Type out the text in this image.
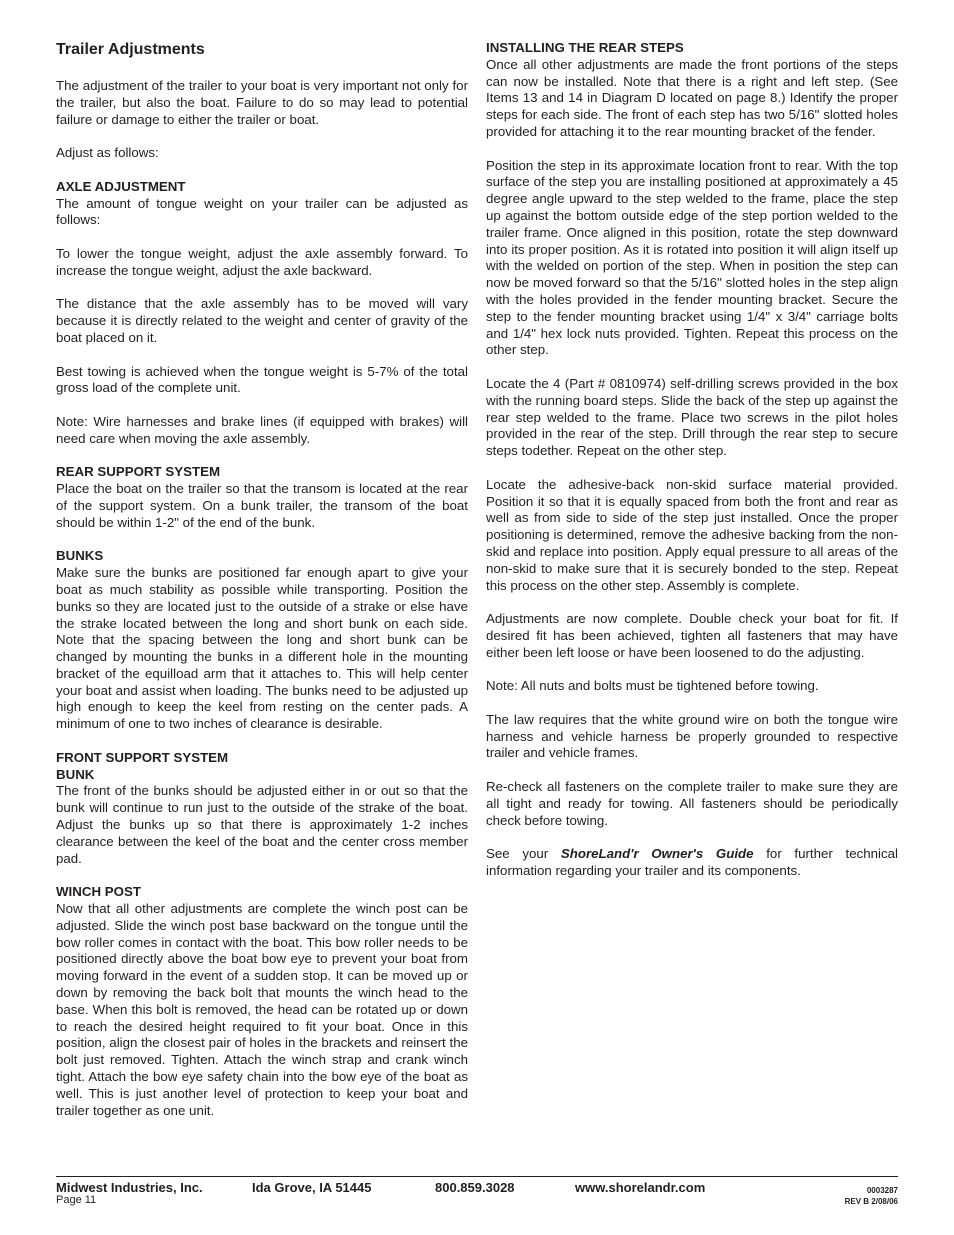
Trailer Adjustments

The adjustment of the trailer to your boat is very important not only for the trailer, but also the boat. Failure to do so may lead to potential failure or damage to either the trailer or boat.

Adjust as follows:

AXLE ADJUSTMENT

The amount of tongue weight on your trailer can be adjusted as follows:

To lower the tongue weight, adjust the axle assembly forward. To increase the tongue weight, adjust the axle backward.

The distance that the axle assembly has to be moved will vary because it is directly related to the weight and center of gravity of the boat placed on it.

Best towing is achieved when the tongue weight is 5-7% of the total gross load of the complete unit.

Note: Wire harnesses and brake lines (if equipped with brakes) will need care when moving the axle assembly.

REAR SUPPORT SYSTEM

Place the boat on the trailer so that the transom is located at the rear of the support system. On a bunk trailer, the transom of the boat should be within 1-2" of the end of the bunk.

BUNKS

Make sure the bunks are positioned far enough apart to give your boat as much stability as possible while transporting. Position the bunks so they are located just to the outside of a strake or else have the strake located between the long and short bunk on each side. Note that the spacing between the long and short bunk can be changed by mounting the bunks in a different hole in the mounting bracket of the equilload arm that it attaches to. This will help center your boat and assist when loading. The bunks need to be adjusted up high enough to keep the keel from resting on the center pads. A minimum of one to two inches of clearance is desirable.

FRONT SUPPORT SYSTEM
BUNK

The front of the bunks should be adjusted either in or out so that the bunk will continue to run just to the outside of the strake of the boat. Adjust the bunks up so that there is approximately 1-2 inches clearance between the keel of the boat and the center cross member pad.

WINCH POST

Now that all other adjustments are complete the winch post can be adjusted. Slide the winch post base backward on the tongue until the bow roller comes in contact with the boat. This bow roller needs to be positioned directly above the boat bow eye to prevent your boat from moving forward in the event of a sudden stop. It can be moved up or down by removing the back bolt that mounts the winch head to the base. When this bolt is removed, the head can be rotated up or down to reach the desired height required to fit your boat. Once in this position, align the closest pair of holes in the brackets and reinsert the bolt just removed. Tighten. Attach the winch strap and crank winch tight. Attach the bow eye safety chain into the bow eye of the boat as well. This is just another level of protection to keep your boat and trailer together as one unit.

INSTALLING THE REAR STEPS

Once all other adjustments are made the front portions of the steps can now be installed. Note that there is a right and left step. (See Items 13 and 14 in Diagram D located on page 8.) Identify the proper steps for each side. The front of each step has two 5/16" slotted holes provided for attaching it to the rear mounting bracket of the fender.

Position the step in its approximate location front to rear. With the top surface of the step you are installing positioned at approximately a 45 degree angle upward to the step welded to the frame, place the step up against the bottom outside edge of the step portion welded to the trailer frame. Once aligned in this position, rotate the step downward into its proper position. As it is rotated into position it will align itself up with the welded on portion of the step. When in position the step can now be moved forward so that the 5/16" slotted holes in the step align with the holes provided in the fender mounting bracket. Secure the step to the fender mounting bracket using 1/4" x 3/4" carriage bolts and 1/4" hex lock nuts provided. Tighten. Repeat this process on the other step.

Locate the 4 (Part # 0810974) self-drilling screws provided in the box with the running board steps. Slide the back of the step up against the rear step welded to the frame. Place two screws in the pilot holes provided in the rear of the step. Drill through the rear step to secure steps todether. Repeat on the other step.

Locate the adhesive-back non-skid surface material provided. Position it so that it is equally spaced from both the front and rear as well as from side to side of the step just installed. Once the proper positioning is determined, remove the adhesive backing from the non-skid and replace into position. Apply equal pressure to all areas of the non-skid to make sure that it is securely bonded to the step. Repeat this process on the other step. Assembly is complete.

Adjustments are now complete. Double check your boat for fit. If desired fit has been achieved, tighten all fasteners that may have either been left loose or have been loosened to do the adjusting.

Note: All nuts and bolts must be tightened before towing.

The law requires that the white ground wire on both the tongue wire harness and vehicle harness be properly grounded to respective trailer and vehicle frames.

Re-check all fasteners on the complete trailer to make sure they are all tight and ready for towing. All fasteners should be periodically check before towing.

See your ShoreLand'r Owner's Guide for further technical information regarding your trailer and its components.

Midwest Industries, Inc.	Ida Grove, IA 51445	800.859.3028	www.shorelandr.com
Page 11
0003287
REV B 2/08/06
